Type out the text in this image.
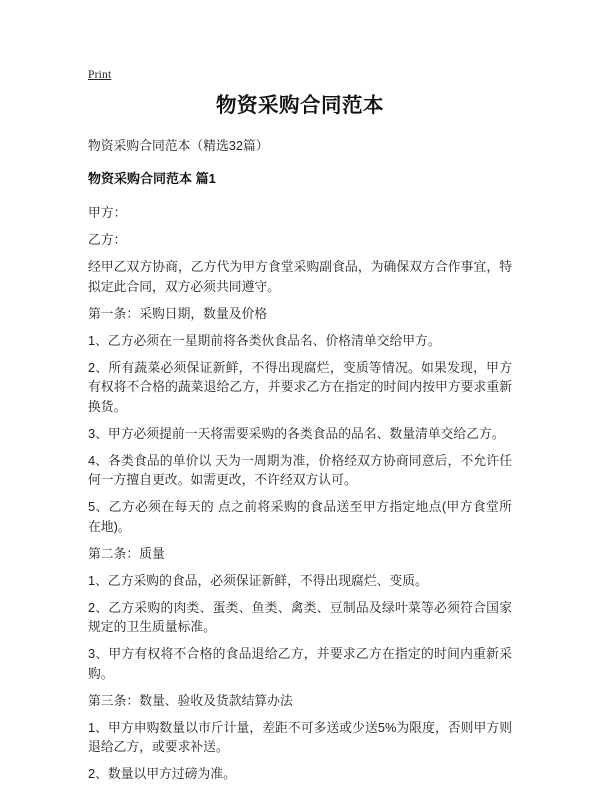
Print
物资采购合同范本

物资采购合同范本（精选32篇）

物资采购合同范本 篇1

甲方：

乙方：

经甲乙双方协商，乙方代为甲方食堂采购副食品，为确保双方合作事宜，特拟定此合同，双方必须共同遵守。

第一条：采购日期，数量及价格

1、乙方必须在一星期前将各类伙食品名、价格清单交给甲方。

2、所有蔬菜必须保证新鲜，不得出现腐烂，变质等情况。如果发现，甲方有权将不合格的蔬菜退给乙方，并要求乙方在指定的时间内按甲方要求重新换货。

3、甲方必须提前一天将需要采购的各类食品的品名、数量清单交给乙方。

4、各类食品的单价以 天为一周期为准，价格经双方协商同意后，不允许任何一方擅自更改。如需更改，不许经双方认可。

5、乙方必须在每天的 点之前将采购的食品送至甲方指定地点(甲方食堂所在地)。

第二条：质量

1、乙方采购的食品，必须保证新鲜，不得出现腐烂、变质。

2、乙方采购的肉类、蛋类、鱼类、禽类、豆制品及绿叶菜等必须符合国家规定的卫生质量标准。

3、甲方有权将不合格的食品退给乙方，并要求乙方在指定的时间内重新采购。

第三条：数量、验收及货款结算办法

1、甲方申购数量以市斤计量，差距不可多送或少送5%为限度，否则甲方则退给乙方，或要求补送。

2、数量以甲方过磅为准。
